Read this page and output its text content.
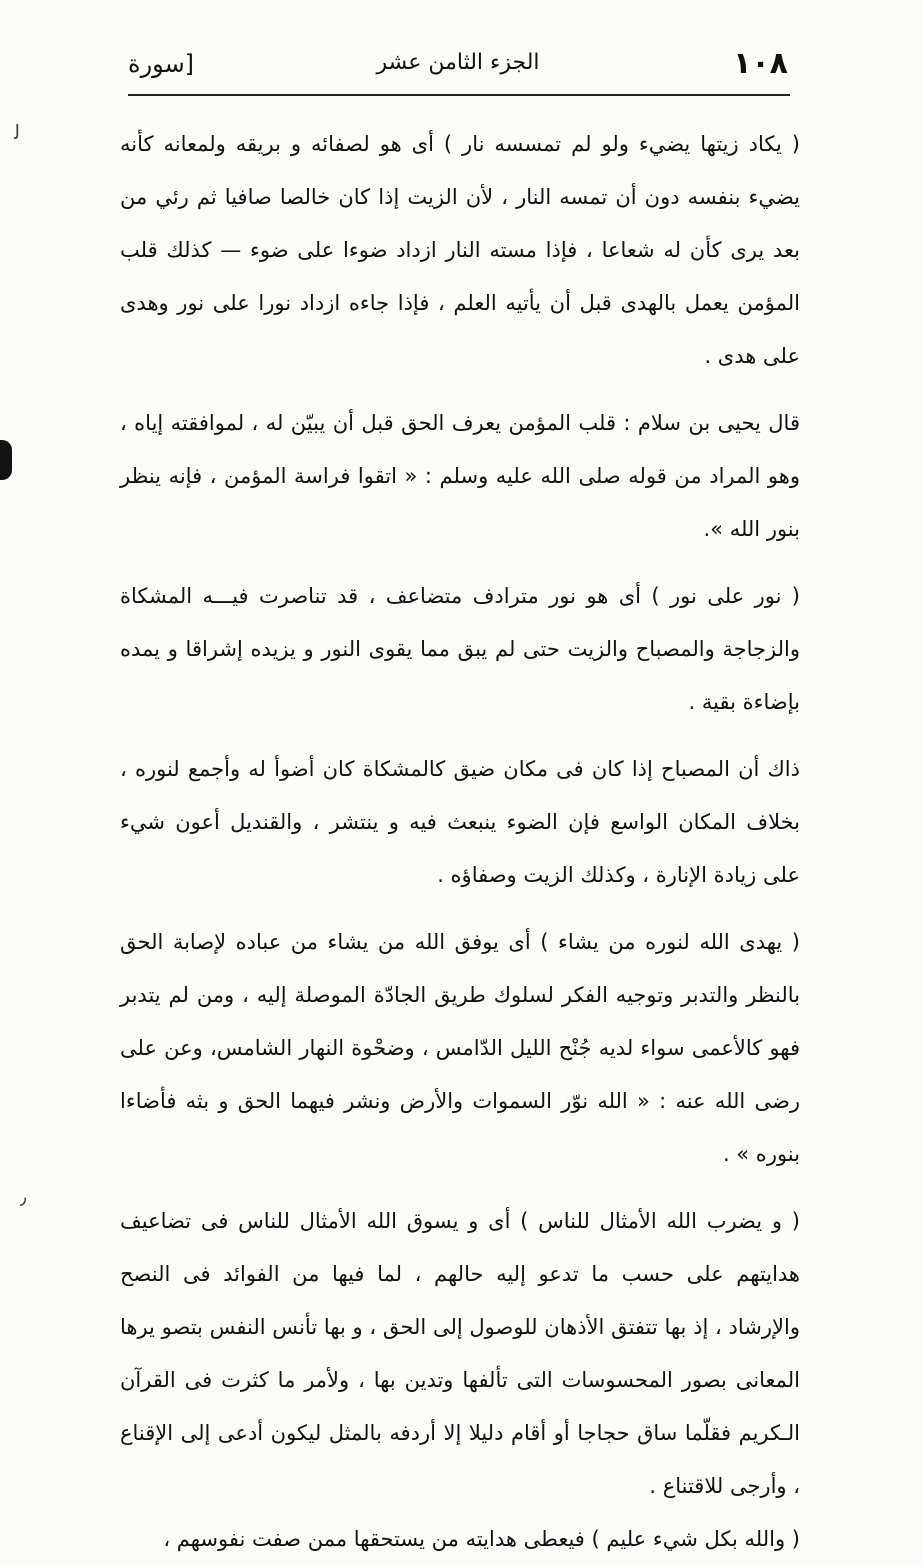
١٠٨
الجزء الثامن عشر
[سورة

( يكاد زيتها يضيء ولو لم تمسسه نار ) أى هو لصفائه و بريقه ولمعانه كأنه يضيء بنفسه دون أن تمسه النار ، لأن الزيت إذا كان خالصا صافيا ثم رئي من بعد يرى كأن له شعاعا ، فإذا مسته النار ازداد ضوءا على ضوء — كذلك قلب المؤمن يعمل بالهدى قبل أن يأتيه العلم ، فإذا جاءه ازداد نورا على نور وهدى على هدى .

قال يحيى بن سلام : قلب المؤمن يعرف الحق قبل أن يبيّن له ، لموافقته إياه ، وهو المراد من قوله صلى الله عليه وسلم : « اتقوا فراسة المؤمن ، فإنه ينظر بنور الله ».

( نور على نور ) أى هو نور مترادف متضاعف ، قد تناصرت فيـــه المشكاة والزجاجة والمصباح والزيت حتى لم يبق مما يقوى النور و يزيده إشراقا و يمده بإضاءة بقية .

ذاك أن المصباح إذا كان فى مكان ضيق كالمشكاة كان أضوأ له وأجمع لنوره ، بخلاف المكان الواسع فإن الضوء ينبعث فيه و ينتشر ، والقنديل أعون شيء على زيادة الإنارة ، وكذلك الزيت وصفاؤه .

( يهدى الله لنوره من يشاء ) أى يوفق الله من يشاء من عباده لإصابة الحق بالنظر والتدبر وتوجيه الفكر لسلوك طريق الجادّة الموصلة إليه ، ومن لم يتدبر فهو كالأعمى سواء لديه جُنْح الليل الدّامس ، وضحْوة النهار الشامس، وعن على رضى الله عنه : « الله نوّر السموات والأرض ونشر فيهما الحق و بثه فأضاءا بنوره » .

( و يضرب الله الأمثال للناس ) أى و يسوق الله الأمثال للناس فى تضاعيف هدايتهم على حسب ما تدعو إليه حالهم ، لما فيها من الفوائد فى النصح والإرشاد ، إذ بها تتفتق الأذهان للوصول إلى الحق ، و بها تأنس النفس بتصو يرها المعانى بصور المحسوسات التى تألفها وتدين بها ، ولأمر ما كثرت فى القرآن الـكريم فقلّما ساق حجاجا أو أقام دليلا إلا أردفه بالمثل ليكون أدعى إلى الإقناع ، وأرجى للاقتناع .

( والله بكل شيء عليم ) فيعطى هدايته من يستحقها ممن صفت نفوسهم ،

ﻟ
٫
